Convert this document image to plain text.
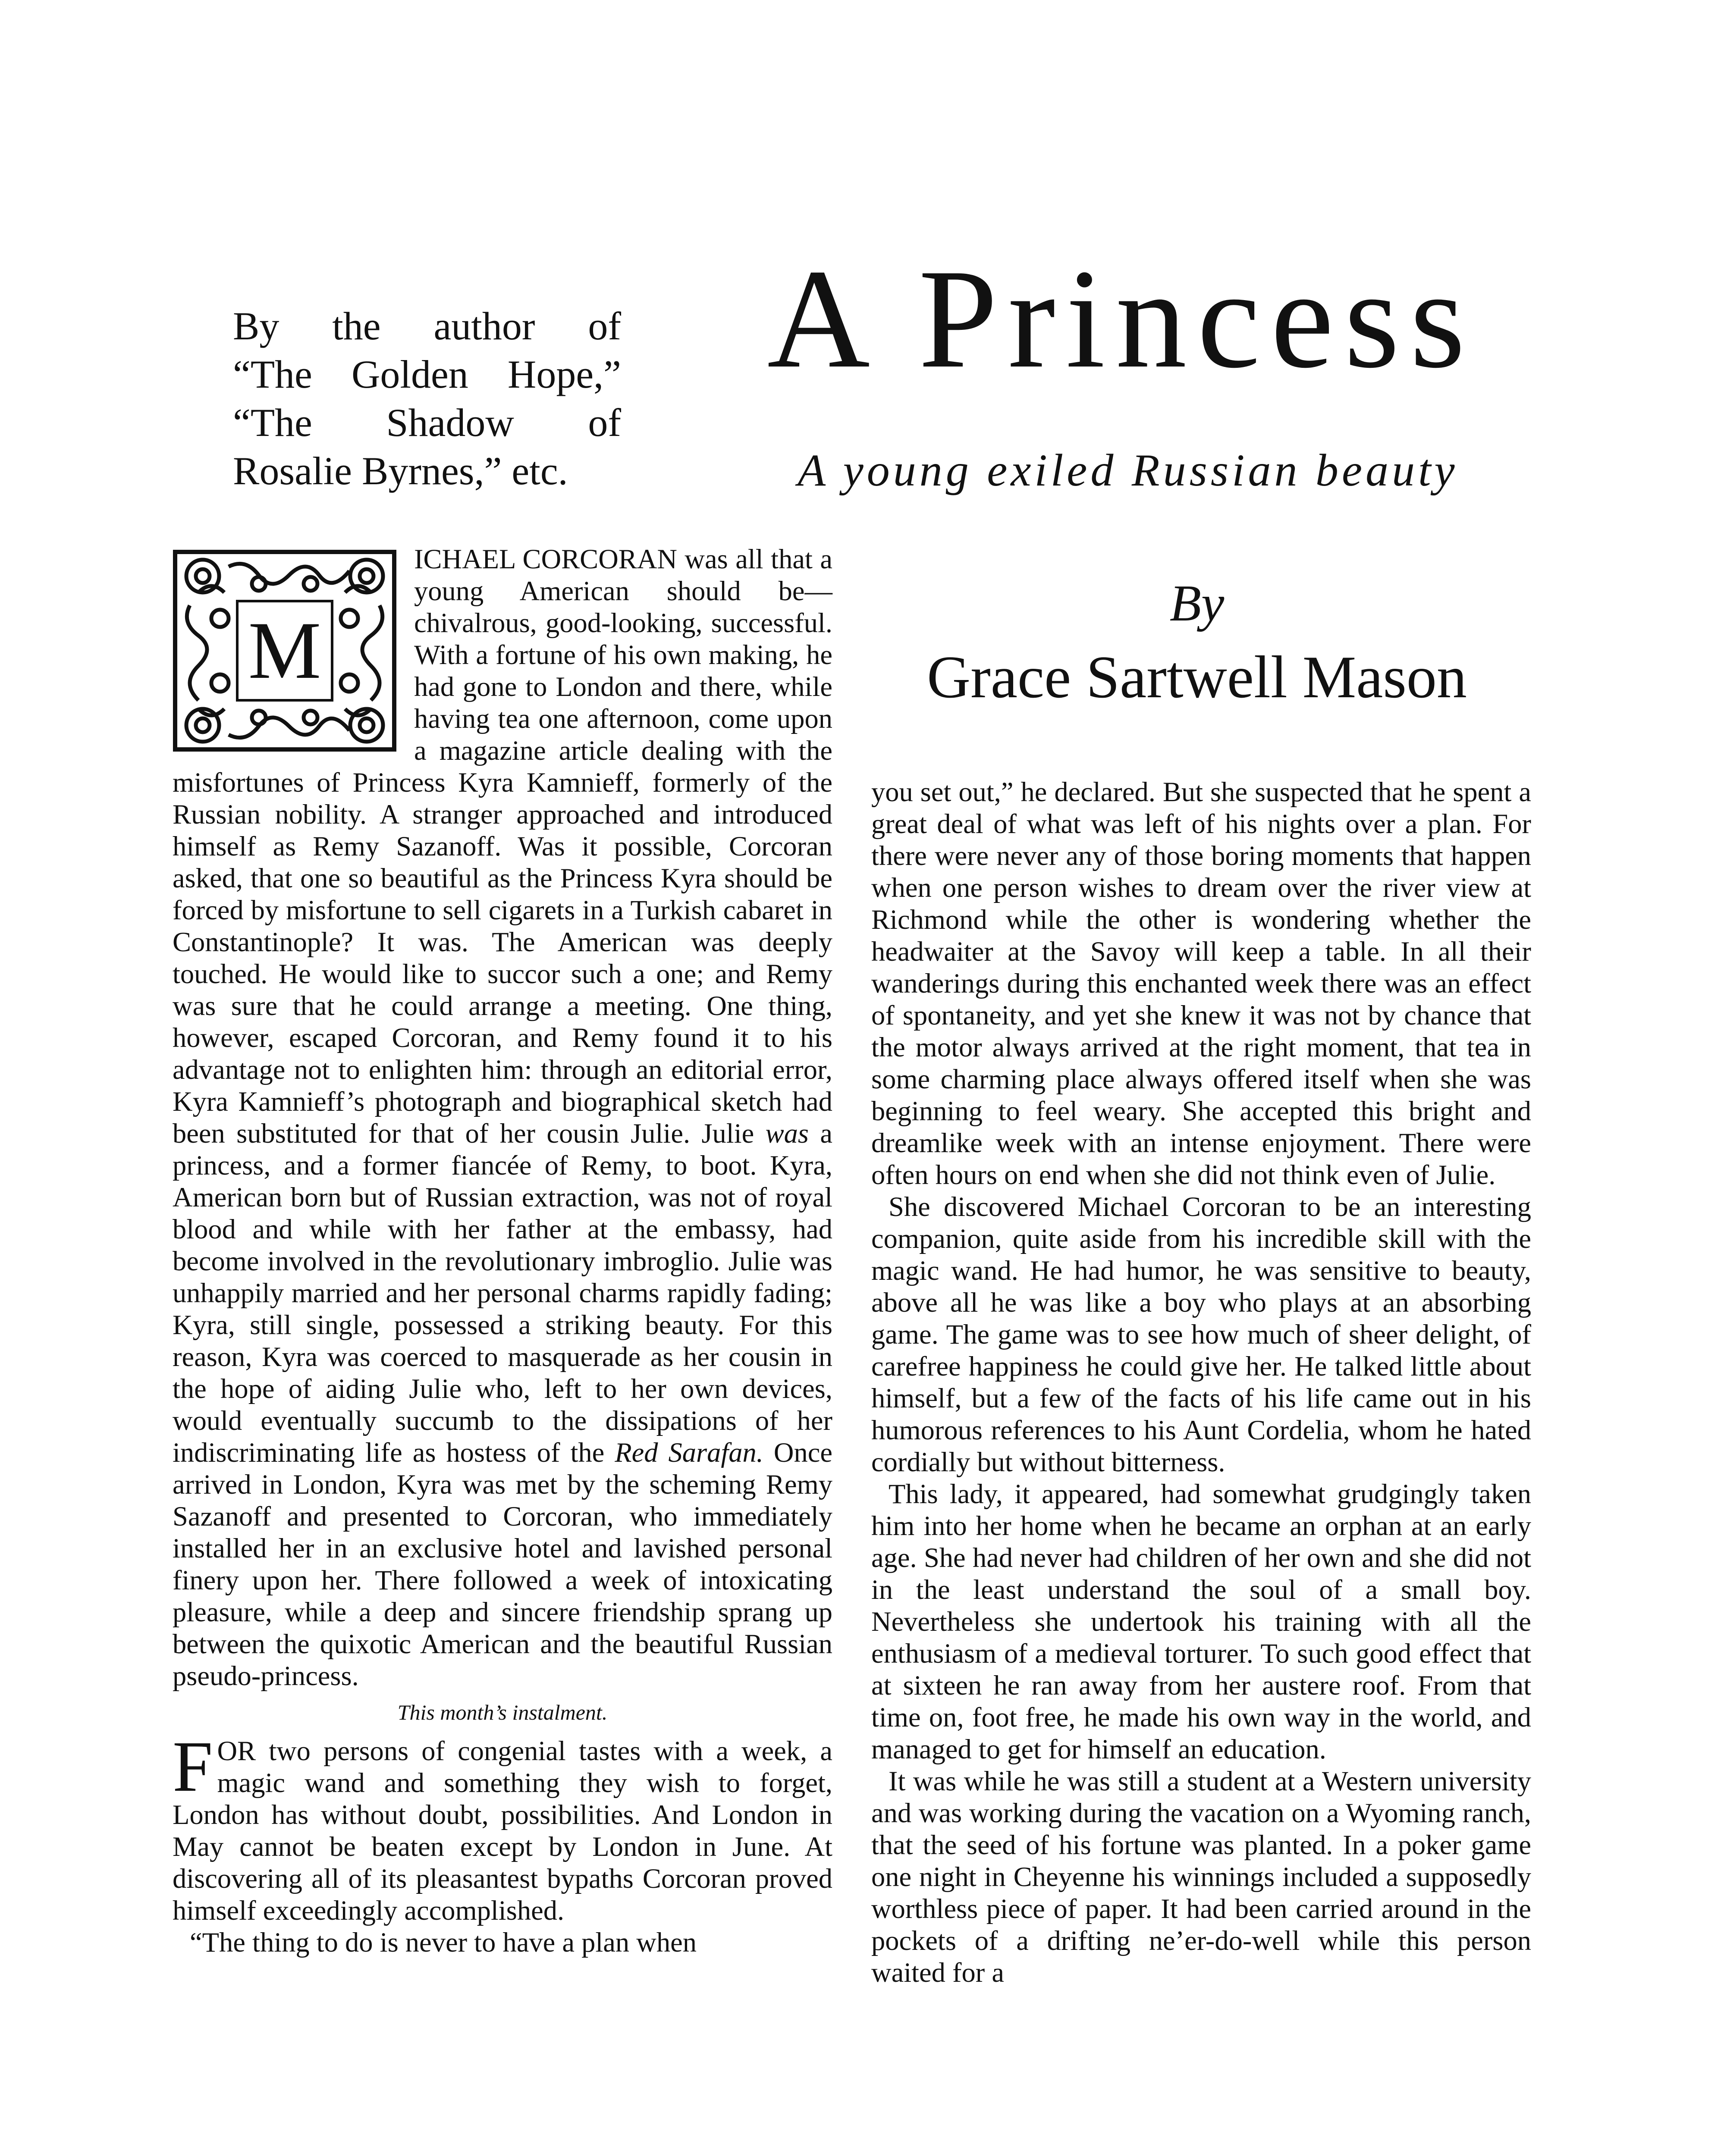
By the author of
“The Golden Hope,”
“The Shadow of
Rosalie Byrnes,” etc.
A Princess
A young exiled Russian beauty
By
Grace Sartwell Mason
M

ICHAEL CORCORAN was all that a young American should be—chivalrous, good-looking, successful. With a fortune of his own making, he had gone to London and there, while having tea one afternoon, come upon a magazine article dealing with the misfortunes of Princess Kyra Kamnieff, formerly of the Russian nobility. A stranger approached and introduced himself as Remy Sazanoff. Was it possible, Corcoran asked, that one so beautiful as the Princess Kyra should be forced by misfortune to sell cigarets in a Turkish cabaret in Constantinople? It was. The American was deeply touched. He would like to succor such a one; and Remy was sure that he could arrange a meeting. One thing, however, escaped Corcoran, and Remy found it to his advantage not to enlighten him: through an editorial error, Kyra Kamnieff’s photograph and biographical sketch had been substituted for that of her cousin Julie. Julie was a princess, and a former fiancée of Remy, to boot. Kyra, American born but of Russian extraction, was not of royal blood and while with her father at the embassy, had become involved in the revolutionary imbroglio. Julie was unhappily married and her personal charms rapidly fading; Kyra, still single, possessed a striking beauty. For this reason, Kyra was coerced to masquerade as her cousin in the hope of aiding Julie who, left to her own devices, would eventually succumb to the dissipations of her indiscriminating life as hostess of the Red Sarafan. Once arrived in London, Kyra was met by the scheming Remy Sazanoff and presented to Corcoran, who immediately installed her in an exclusive hotel and lavished personal finery upon her. There followed a week of intoxicating pleasure, while a deep and sincere friendship sprang up between the quixotic American and the beautiful Russian pseudo-princess.

This month’s instalment.

FOR two persons of congenial tastes with a week, a magic wand and something they wish to forget, London has without doubt, possibilities. And London in May cannot be beaten except by London in June. At discovering all of its pleasantest bypaths Corcoran proved himself exceedingly accomplished.

“The thing to do is never to have a plan when

you set out,” he declared. But she suspected that he spent a great deal of what was left of his nights over a plan. For there were never any of those boring moments that happen when one person wishes to dream over the river view at Richmond while the other is wondering whether the headwaiter at the Savoy will keep a table. In all their wanderings during this enchanted week there was an effect of spontaneity, and yet she knew it was not by chance that the motor always arrived at the right moment, that tea in some charming place always offered itself when she was beginning to feel weary. She accepted this bright and dreamlike week with an intense enjoyment. There were often hours on end when she did not think even of Julie.

She discovered Michael Corcoran to be an interesting companion, quite aside from his incredible skill with the magic wand. He had humor, he was sensitive to beauty, above all he was like a boy who plays at an absorbing game. The game was to see how much of sheer delight, of carefree happiness he could give her. He talked little about himself, but a few of the facts of his life came out in his humorous references to his Aunt Cordelia, whom he hated cordially but without bitterness.

This lady, it appeared, had somewhat grudgingly taken him into her home when he became an orphan at an early age. She had never had children of her own and she did not in the least understand the soul of a small boy. Nevertheless she undertook his training with all the enthusiasm of a medieval torturer. To such good effect that at sixteen he ran away from her austere roof. From that time on, foot free, he made his own way in the world, and managed to get for himself an education.

It was while he was still a student at a Western university and was working during the vacation on a Wyoming ranch, that the seed of his fortune was planted. In a poker game one night in Cheyenne his winnings included a supposedly worthless piece of paper. It had been carried around in the pockets of a drifting ne’er-do-well while this person waited for a
